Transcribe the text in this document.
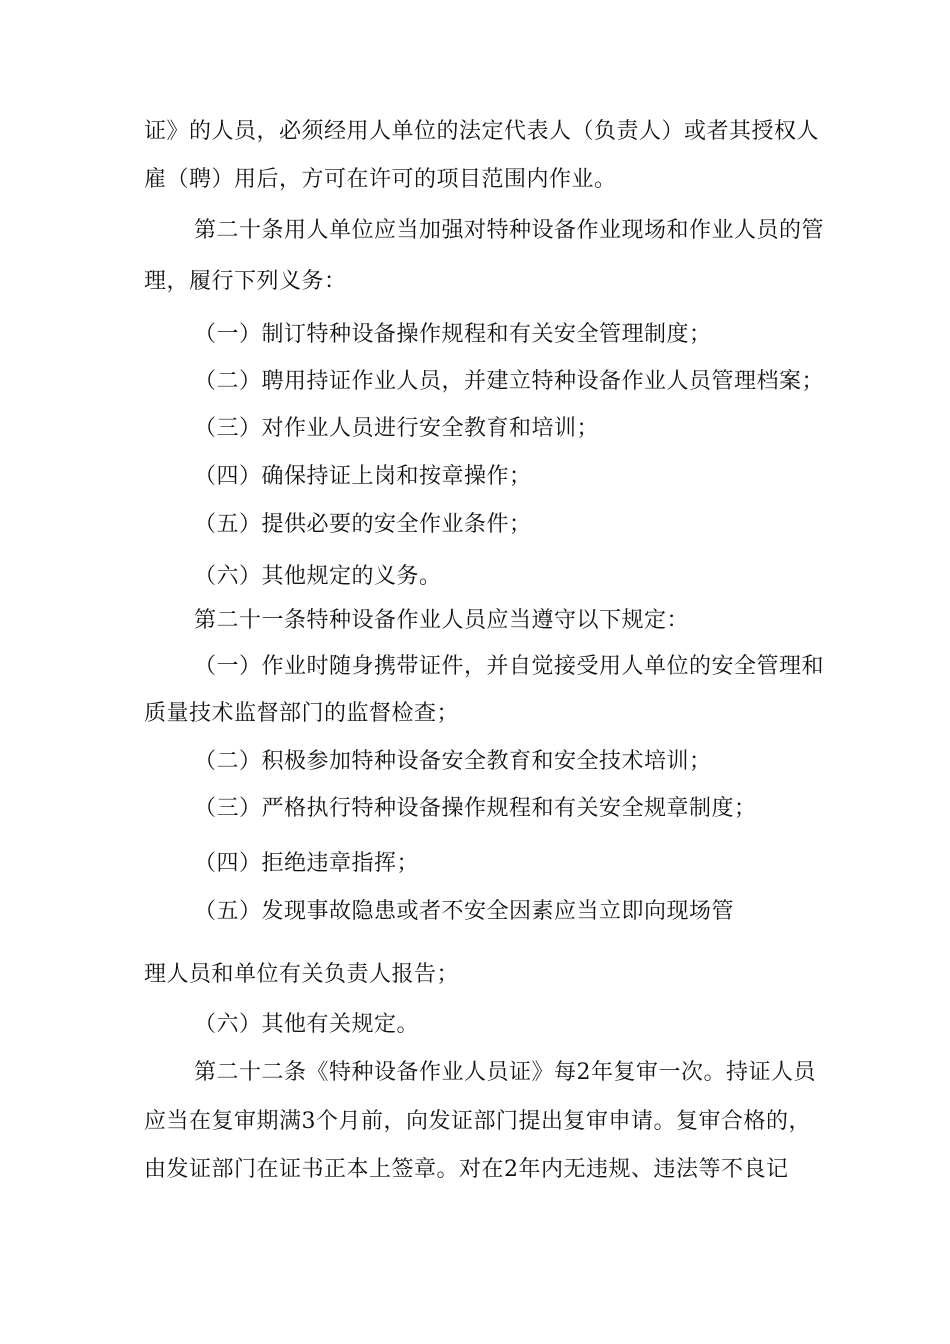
证》的人员，必须经用人单位的法定代表人（负责人）或者其授权人
雇（聘）用后，方可在许可的项目范围内作业。
第二十条用人单位应当加强对特种设备作业现场和作业人员的管
理，履行下列义务：
（一）制订特种设备操作规程和有关安全管理制度；
（二）聘用持证作业人员，并建立特种设备作业人员管理档案；
（三）对作业人员进行安全教育和培训；
（四）确保持证上岗和按章操作；
（五）提供必要的安全作业条件；
（六）其他规定的义务。
第二十一条特种设备作业人员应当遵守以下规定：
（一）作业时随身携带证件，并自觉接受用人单位的安全管理和
质量技术监督部门的监督检查；
（二）积极参加特种设备安全教育和安全技术培训；
（三）严格执行特种设备操作规程和有关安全规章制度；
（四）拒绝违章指挥；
（五）发现事故隐患或者不安全因素应当立即向现场管
理人员和单位有关负责人报告；
（六）其他有关规定。
第二十二条《特种设备作业人员证》每2年复审一次。持证人员
应当在复审期满3个月前，向发证部门提出复审申请。复审合格的，
由发证部门在证书正本上签章。对在2年内无违规、违法等不良记
